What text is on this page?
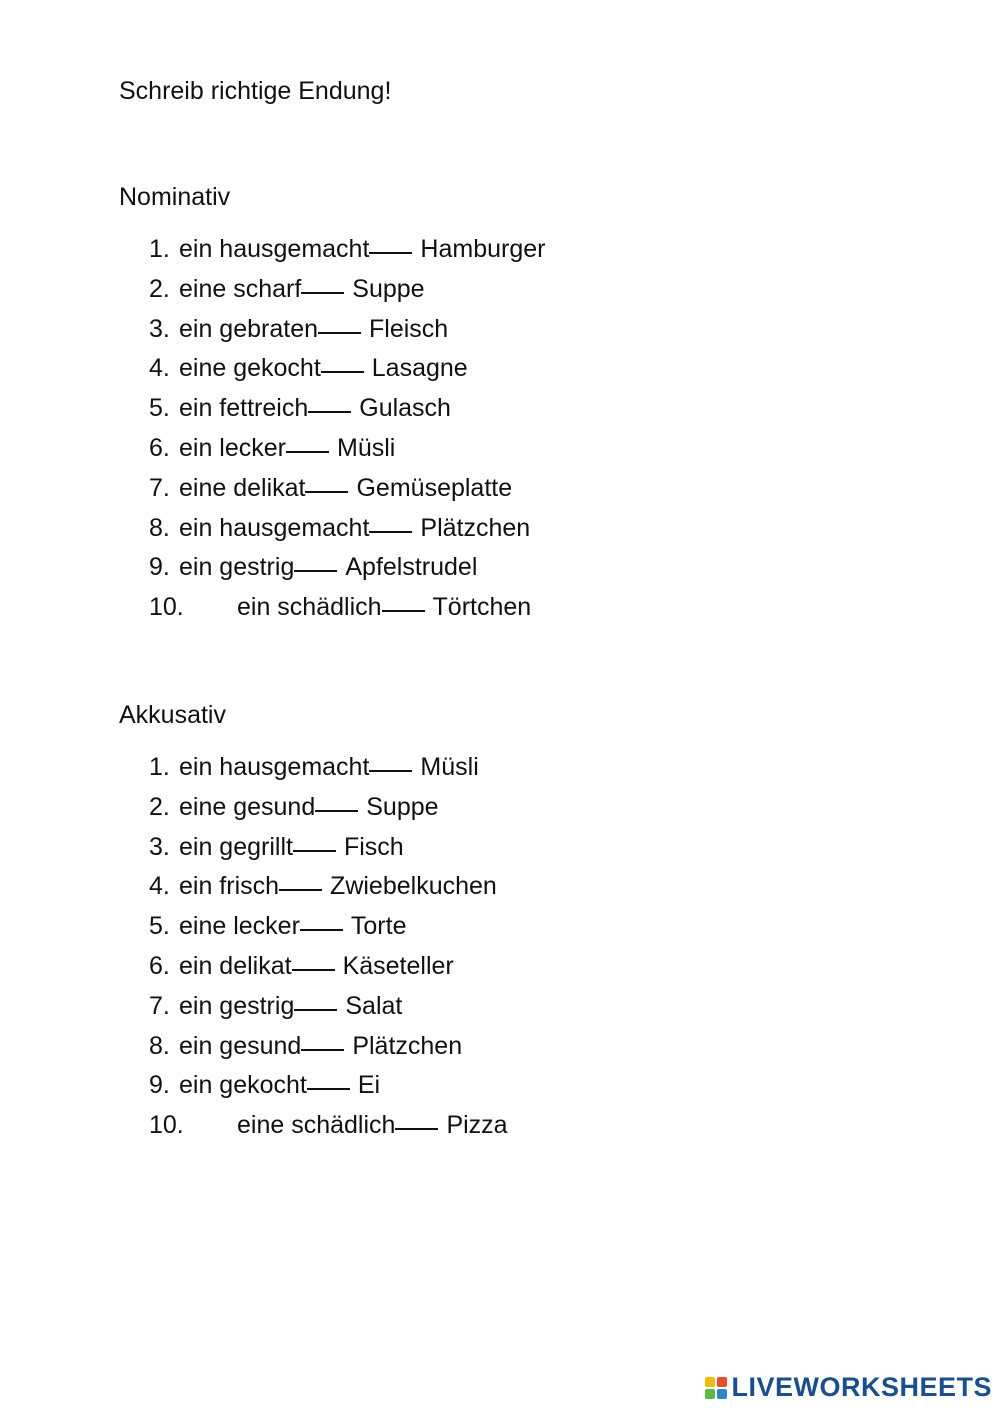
Schreib richtige Endung!
Nominativ
1. ein hausgemacht Hamburger
2. eine scharf Suppe
3. ein gebraten Fleisch
4. eine gekocht Lasagne
5. ein fettreich Gulasch
6. ein lecker Müsli
7. eine delikat Gemüseplatte
8. ein hausgemacht Plätzchen
9. ein gestrig Apfelstrudel
10.	ein schädlich Törtchen
Akkusativ
1. ein hausgemacht Müsli
2. eine gesund Suppe
3. ein gegrillt Fisch
4. ein frisch Zwiebelkuchen
5. eine lecker Torte
6. ein delikat Käseteller
7. ein gestrig Salat
8. ein gesund Plätzchen
9. ein gekocht Ei
10.	eine schädlich Pizza
LIVEWORKSHEETS
